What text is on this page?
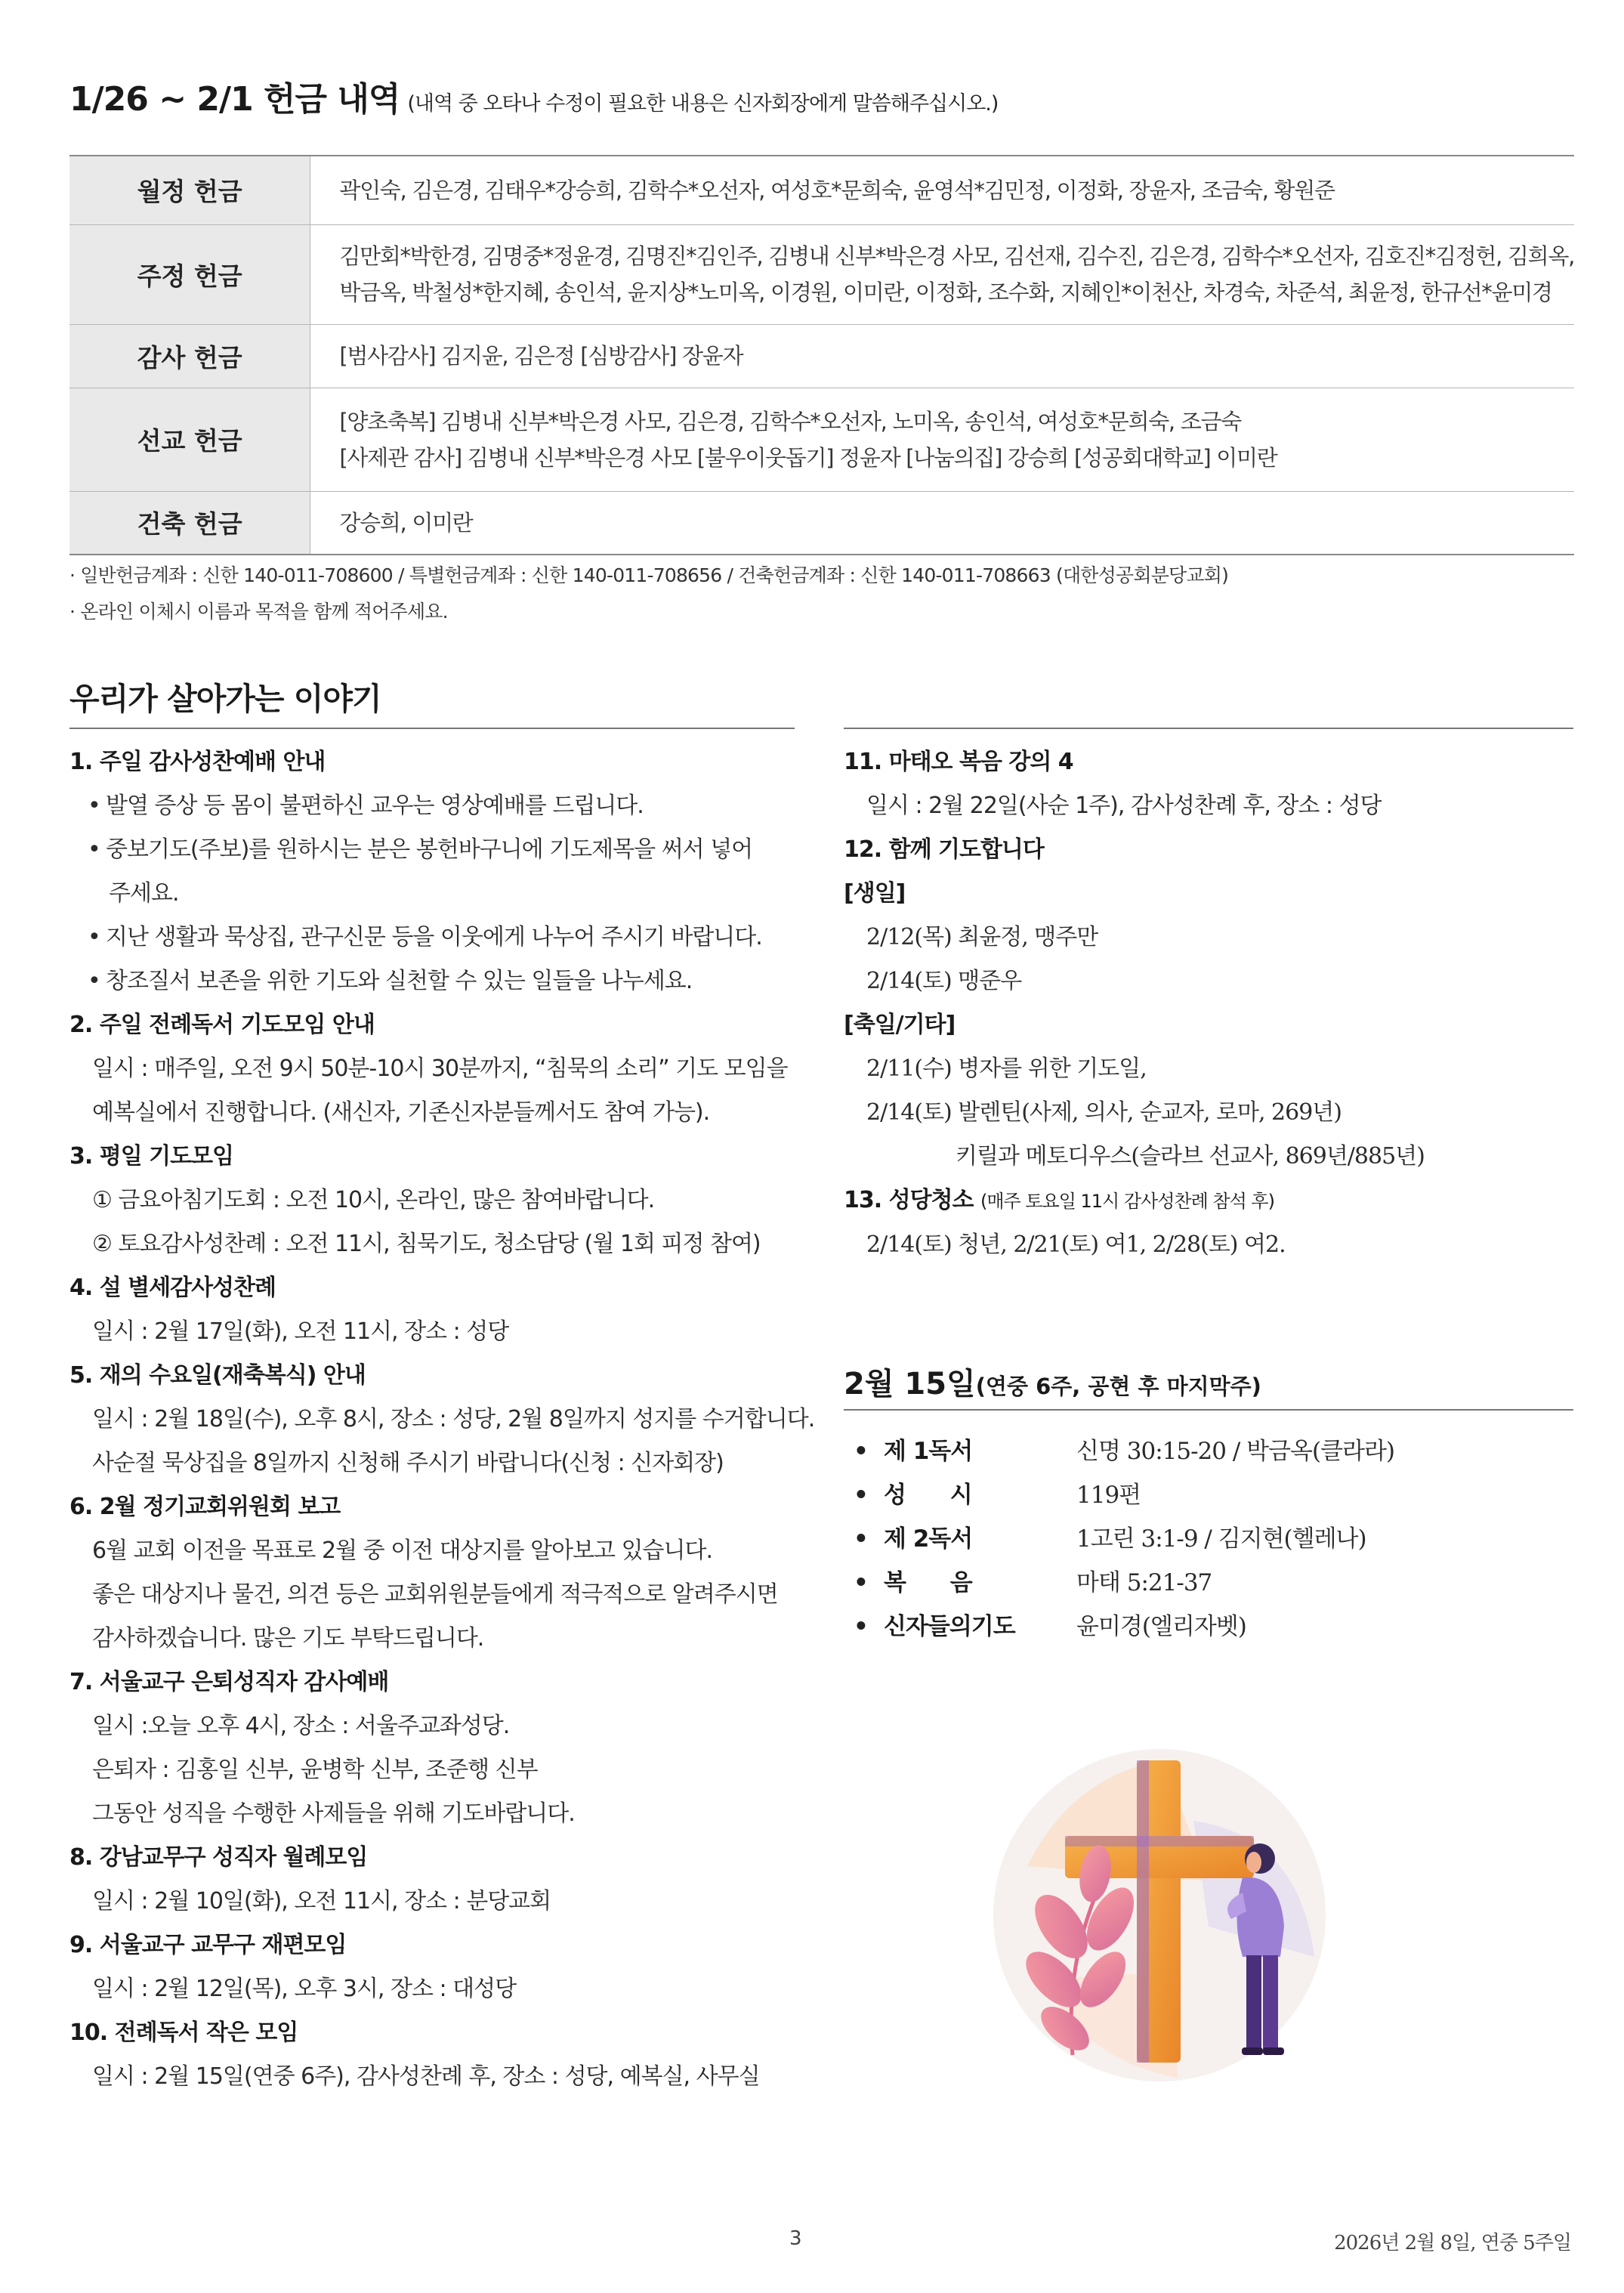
1/26 ~ 2/1 헌금 내역 (내역 중 오타나 수정이 필요한 내용은 신자회장에게 말씀해주십시오.)
월정 헌금	곽인숙, 김은경, 김태우*강승희, 김학수*오선자, 여성호*문희숙, 윤영석*김민정, 이정화, 장윤자, 조금숙, 황원준

주정 헌금	김만회*박한경, 김명중*정윤경, 김명진*김인주, 김병내 신부*박은경 사모, 김선재, 김수진, 김은경, 김학수*오선자, 김호진*김정헌, 김희옥,
박금옥, 박철성*한지혜, 송인석, 윤지상*노미옥, 이경원, 이미란, 이정화, 조수화, 지혜인*이천산, 차경숙, 차준석, 최윤정, 한규선*윤미경

감사 헌금	[범사감사] 김지윤, 김은정 [심방감사] 장윤자

선교 헌금	[양초축복] 김병내 신부*박은경 사모, 김은경, 김학수*오선자, 노미옥, 송인석, 여성호*문희숙, 조금숙
[사제관 감사] 김병내 신부*박은경 사모 [불우이웃돕기] 정윤자 [나눔의집] 강승희 [성공회대학교] 이미란

건축 헌금	강승희, 이미란
· 일반헌금계좌 : 신한 140-011-708600 / 특별헌금계좌 : 신한 140-011-708656 / 건축헌금계좌 : 신한 140-011-708663 (대한성공회분당교회)
· 온라인 이체시 이름과 목적을 함께 적어주세요.
우리가 살아가는 이야기
1. 주일 감사성찬예배 안내
• 발열 증상 등 몸이 불편하신 교우는 영상예배를 드립니다.
• 중보기도(주보)를 원하시는 분은 봉헌바구니에 기도제목을 써서 넣어
주세요.
• 지난 생활과 묵상집, 관구신문 등을 이웃에게 나누어 주시기 바랍니다.
• 창조질서 보존을 위한 기도와 실천할 수 있는 일들을 나누세요.
2. 주일 전례독서 기도모임 안내
일시 : 매주일, 오전 9시 50분-10시 30분까지, “침묵의 소리” 기도 모임을
예복실에서 진행합니다. (새신자, 기존신자분들께서도 참여 가능).
3. 평일 기도모임
① 금요아침기도회 : 오전 10시, 온라인, 많은 참여바랍니다.
② 토요감사성찬례 : 오전 11시, 침묵기도, 청소담당 (월 1회 피정 참여)
4. 설 별세감사성찬례
일시 : 2월 17일(화), 오전 11시, 장소 : 성당
5. 재의 수요일(재축복식) 안내
일시 : 2월 18일(수), 오후 8시, 장소 : 성당, 2월 8일까지 성지를 수거합니다.
사순절 묵상집을 8일까지 신청해 주시기 바랍니다(신청 : 신자회장)
6. 2월 정기교회위원회 보고
6월 교회 이전을 목표로 2월 중 이전 대상지를 알아보고 있습니다.
좋은 대상지나 물건, 의견 등은 교회위원분들에게 적극적으로 알려주시면
감사하겠습니다. 많은 기도 부탁드립니다.
7. 서울교구 은퇴성직자 감사예배
일시 :오늘 오후 4시, 장소 : 서울주교좌성당.
은퇴자 : 김홍일 신부, 윤병학 신부, 조준행 신부
그동안 성직을 수행한 사제들을 위해 기도바랍니다.
8. 강남교무구 성직자 월례모임
일시 : 2월 10일(화), 오전 11시, 장소 : 분당교회
9. 서울교구 교무구 재편모임
일시 : 2월 12일(목), 오후 3시, 장소 : 대성당
10. 전례독서 작은 모임
일시 : 2월 15일(연중 6주), 감사성찬례 후, 장소 : 성당, 예복실, 사무실
11. 마태오 복음 강의 4
일시 : 2월 22일(사순 1주), 감사성찬례 후, 장소 : 성당
12. 함께 기도합니다
[생일]
2/12(목) 최윤정, 맹주만
2/14(토) 맹준우
[축일/기타]
2/11(수) 병자를 위한 기도일,
2/14(토) 발렌틴(사제, 의사, 순교자, 로마, 269년)
키릴과 메토디우스(슬라브 선교사, 869년/885년)
13. 성당청소 (매주 토요일 11시 감사성찬례 참석 후)
2/14(토) 청년, 2/21(토) 여1, 2/28(토) 여2.
2월 15일(연중 6주, 공현 후 마지막주)
• 제 1독서	신명 30:15-20 / 박금옥(클라라)
• 성      시	119편
• 제 2독서	1고린 3:1-9 / 김지현(헬레나)
• 복      음	마태 5:21-37
• 신자들의기도	윤미경(엘리자벳)
3	2026년 2월 8일, 연중 5주일
